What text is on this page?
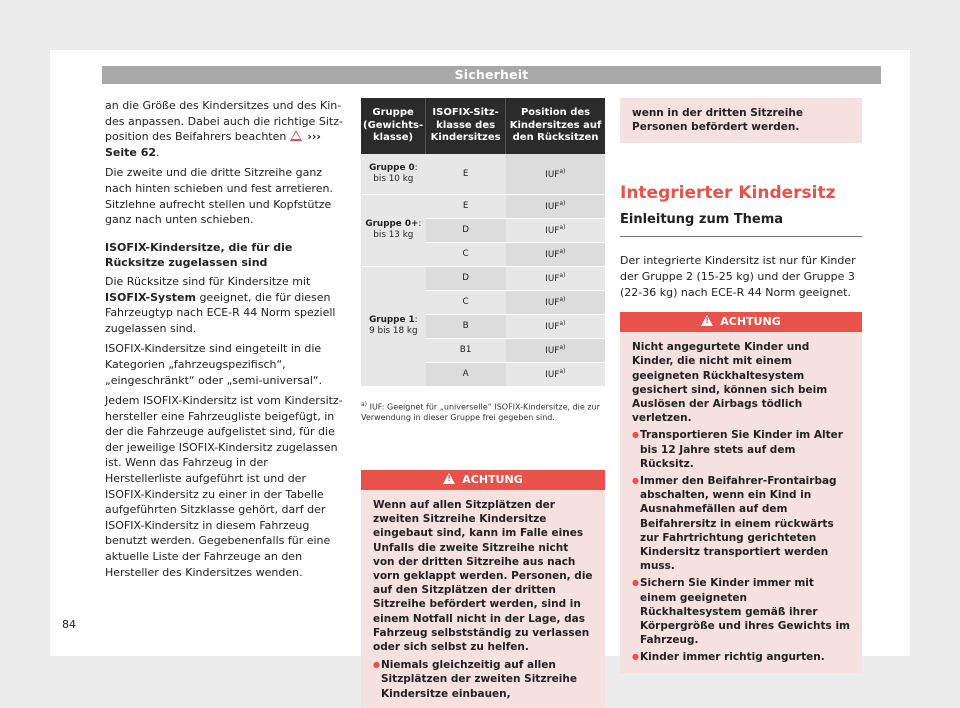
Sicherheit

an die Größe des Kindersitzes und des Kindes anpassen. Dabei auch die richtige Sitzposition des Beifahrers beachten  ››› Seite 62.

Die zweite und die dritte Sitzreihe ganz nach hinten schieben und fest arretieren. Sitzlehne aufrecht stellen und Kopfstütze ganz nach unten schieben.

ISOFIX-Kindersitze, die für die Rücksitze zugelassen sind

Die Rücksitze sind für Kindersitze mit ISOFIX-System geeignet, die für diesen Fahrzeugtyp nach ECE-R 44 Norm speziell zugelassen sind.

ISOFIX-Kindersitze sind eingeteilt in die Kategorien „fahrzeugspezifisch“, „eingeschränkt“ oder „semi-universal“.

Jedem ISOFIX-Kindersitz ist vom Kindersitzhersteller eine Fahrzeugliste beigefügt, in der die Fahrzeuge aufgelistet sind, für die der jeweilige ISOFIX-Kindersitz zugelassen ist. Wenn das Fahrzeug in der Herstellerliste aufgeführt ist und der ISOFIX-Kindersitz zu einer in der Tabelle aufgeführten Sitzklasse gehört, darf der ISOFIX-Kindersitz in diesem Fahrzeug benutzt werden. Gegebenenfalls für eine aktuelle Liste der Fahrzeuge an den Hersteller des Kindersitzes wenden.

Gruppe (Gewichtsklasse)	ISOFIX-Sitzklasse des Kindersitzes	Position des Kindersitzes auf den Rücksitzen
Gruppe 0:
bis 10 kg	E	IUF$^{a)}$
Gruppe 0+:
bis 13 kg	E	IUF$^{a)}$
	D	IUF$^{a)}$
	C	IUF$^{a)}$
Gruppe 1:
9 bis 18 kg	D	IUF$^{a)}$
	C	IUF$^{a)}$
	B	IUF$^{a)}$
	B1	IUF$^{a)}$
	A	IUF$^{a)}$

$^{a)}$ IUF: Geeignet für „universelle“ ISOFIX-Kindersitze, die zur Verwendung in dieser Gruppe frei gegeben sind.

!ACHTUNG

Wenn auf allen Sitzplätzen der zweiten Sitzreihe Kindersitze eingebaut sind, kann im Falle eines Unfalls die zweite Sitzreihe nicht von der dritten Sitzreihe aus nach vorn geklappt werden. Personen, die auf den Sitzplätzen der dritten Sitzreihe befördert werden, sind in einem Notfall nicht in der Lage, das Fahrzeug selbstständig zu verlassen oder sich selbst zu helfen.

● Niemals gleichzeitig auf allen Sitzplätzen der zweiten Sitzreihe Kindersitze einbauen,

wenn in der dritten Sitzreihe Personen befördert werden.
Integrierter Kindersitz
Einleitung zum Thema

Der integrierte Kindersitz ist nur für Kinder der Gruppe 2 (15-25 kg) und der Gruppe 3 (22-36 kg) nach ECE-R 44 Norm geeignet.

!ACHTUNG

Nicht angegurtete Kinder und Kinder, die nicht mit einem geeigneten Rückhaltesystem gesichert sind, können sich beim Auslösen der Airbags tödlich verletzen.

● Transportieren Sie Kinder im Alter bis 12 Jahre stets auf dem Rücksitz.

● Immer den Beifahrer-Frontairbag abschalten, wenn ein Kind in Ausnahmefällen auf dem Beifahrersitz in einem rückwärts zur Fahrtrichtung gerichteten Kindersitz transportiert werden muss.

● Sichern Sie Kinder immer mit einem geeigneten Rückhaltesystem gemäß ihrer Körpergröße und ihres Gewichts im Fahrzeug.

● Kinder immer richtig angurten.

84
